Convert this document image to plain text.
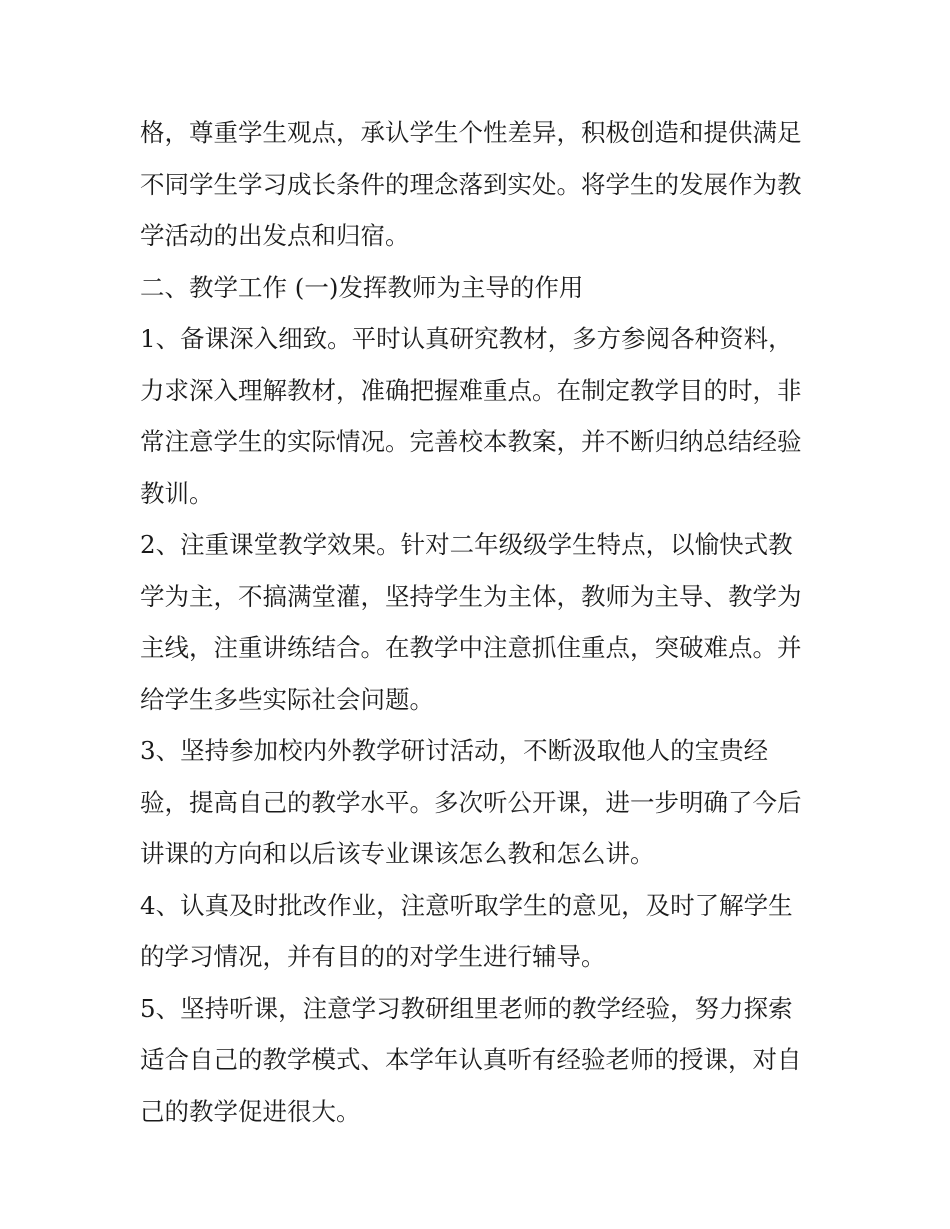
格，尊重学生观点，承认学生个性差异，积极创造和提供满足
不同学生学习成长条件的理念落到实处。将学生的发展作为教
学活动的出发点和归宿。
二、教学工作 (一)发挥教师为主导的作用
1、备课深入细致。平时认真研究教材，多方参阅各种资料，
力求深入理解教材，准确把握难重点。在制定教学目的时，非
常注意学生的实际情况。完善校本教案，并不断归纳总结经验
教训。
2、注重课堂教学效果。针对二年级级学生特点，以愉快式教
学为主，不搞满堂灌，坚持学生为主体，教师为主导、教学为
主线，注重讲练结合。在教学中注意抓住重点，突破难点。并
给学生多些实际社会问题。
3、坚持参加校内外教学研讨活动，不断汲取他人的宝贵经
验，提高自己的教学水平。多次听公开课，进一步明确了今后
讲课的方向和以后该专业课该怎么教和怎么讲。
4、认真及时批改作业，注意听取学生的意见，及时了解学生
的学习情况，并有目的的对学生进行辅导。
5、坚持听课，注意学习教研组里老师的教学经验，努力探索
适合自己的教学模式、本学年认真听有经验老师的授课，对自
己的教学促进很大。
